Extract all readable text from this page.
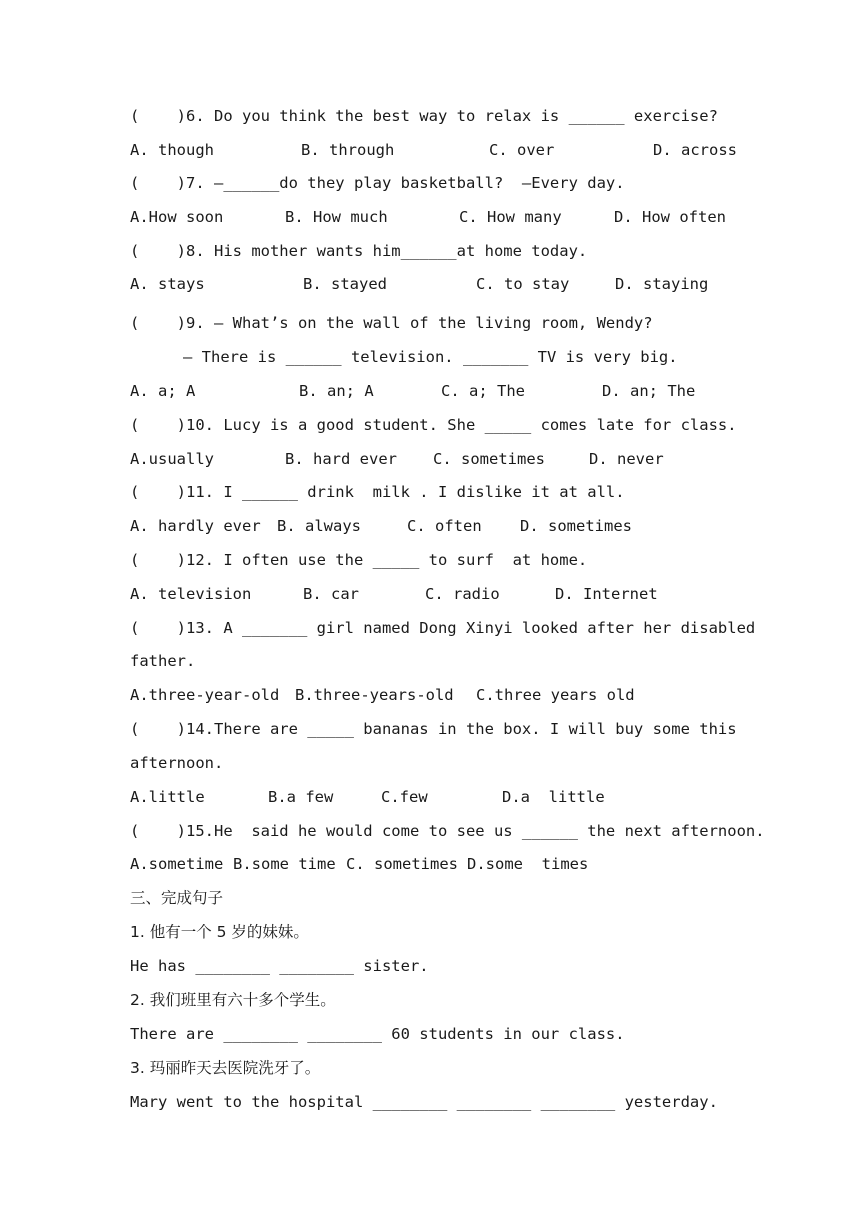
(    )6. Do you think the best way to relax is ______ exercise?

A. though

	B. through

	C. over

	D. across

(    )7. —______do they play basketball?  —Every day.

A.How soon

	B. How much

	C. How many

	D. How often

(    )8. His mother wants him______at home today.

A. stays

	B. stayed

	C. to stay

	D. staying

(    )9. — What’s on the wall of the living room, Wendy?

— There is ______ television. _______ TV is very big.

A. a; A

	B. an; A

	C. a; The

	D. an; The

(    )10. Lucy is a good student. She _____ comes late for class.

A.usually

	B. hard ever

C. sometimes

	D. never

(    )11. I ______ drink  milk . I dislike it at all.

A. hardly ever

B. always

	C. often

D. sometimes

(    )12. I often use the _____ to surf  at home.

A. television

	B. car

	C. radio

	D. Internet

(    )13. A _______ girl named Dong Xinyi looked after her disabled

father.

A.three-year-old

B.three-years-old

C.three years old

(    )14.There are _____ bananas in the box. I will buy some this

afternoon.

A.little

	B.a few

	C.few

	D.a  little

(    )15.He  said he would come to see us ______ the next afternoon.

A.sometime

B.some time

C. sometimes

D.some  times

三、完成句子

1. 他有一个 5 岁的妹妹。

He has ________ ________ sister.

2. 我们班里有六十多个学生。

There are ________ ________ 60 students in our class.

3. 玛丽昨天去医院洗牙了。

Mary went to the hospital ________ ________ ________ yesterday.
